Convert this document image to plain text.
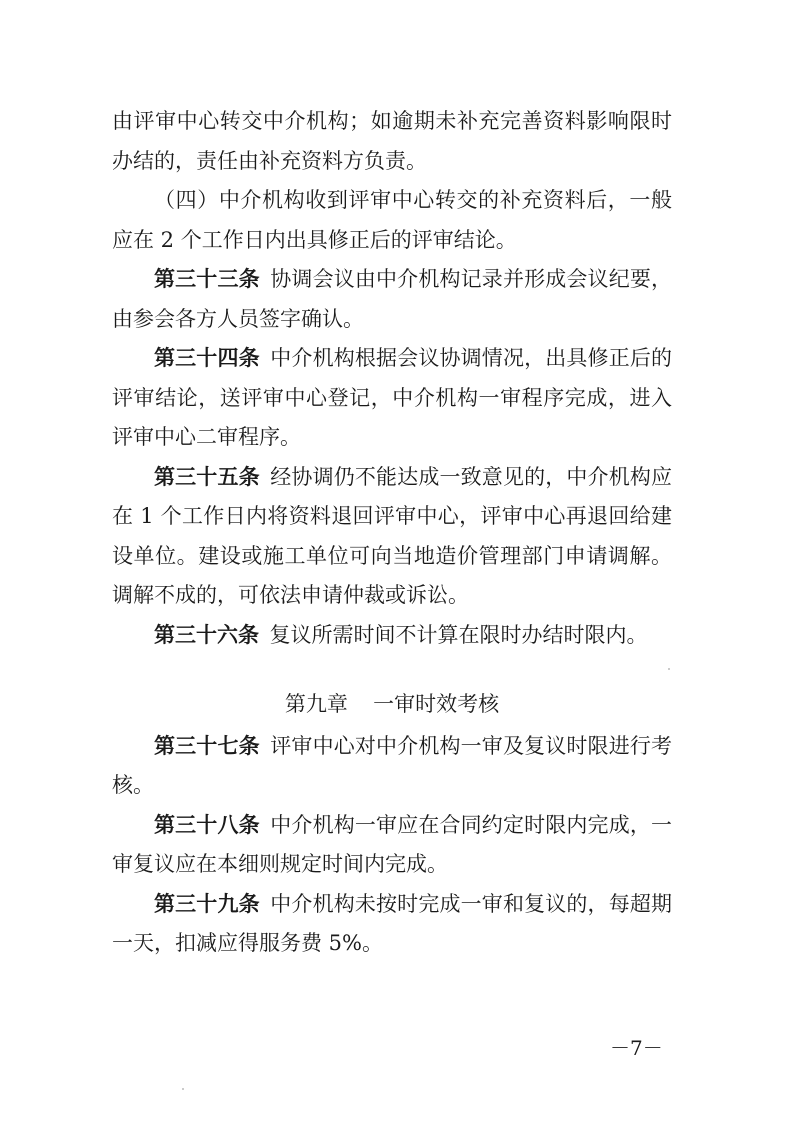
由评审中心转交中介机构；如逾期未补充完善资料影响限时办结的，责任由补充资料方负责。

（四）中介机构收到评审中心转交的补充资料后，一般应在 2 个工作日内出具修正后的评审结论。

第三十三条 协调会议由中介机构记录并形成会议纪要，由参会各方人员签字确认。

第三十四条 中介机构根据会议协调情况，出具修正后的评审结论，送评审中心登记，中介机构一审程序完成，进入评审中心二审程序。

第三十五条 经协调仍不能达成一致意见的，中介机构应在 1 个工作日内将资料退回评审中心，评审中心再退回给建设单位。建设或施工单位可向当地造价管理部门申请调解。调解不成的，可依法申请仲裁或诉讼。

第三十六条 复议所需时间不计算在限时办结时限内。

第九章 一审时效考核

第三十七条 评审中心对中介机构一审及复议时限进行考核。

第三十八条 中介机构一审应在合同约定时限内完成，一审复议应在本细则规定时间内完成。

第三十九条 中介机构未按时完成一审和复议的，每超期一天，扣减应得服务费 5%。

－7－
